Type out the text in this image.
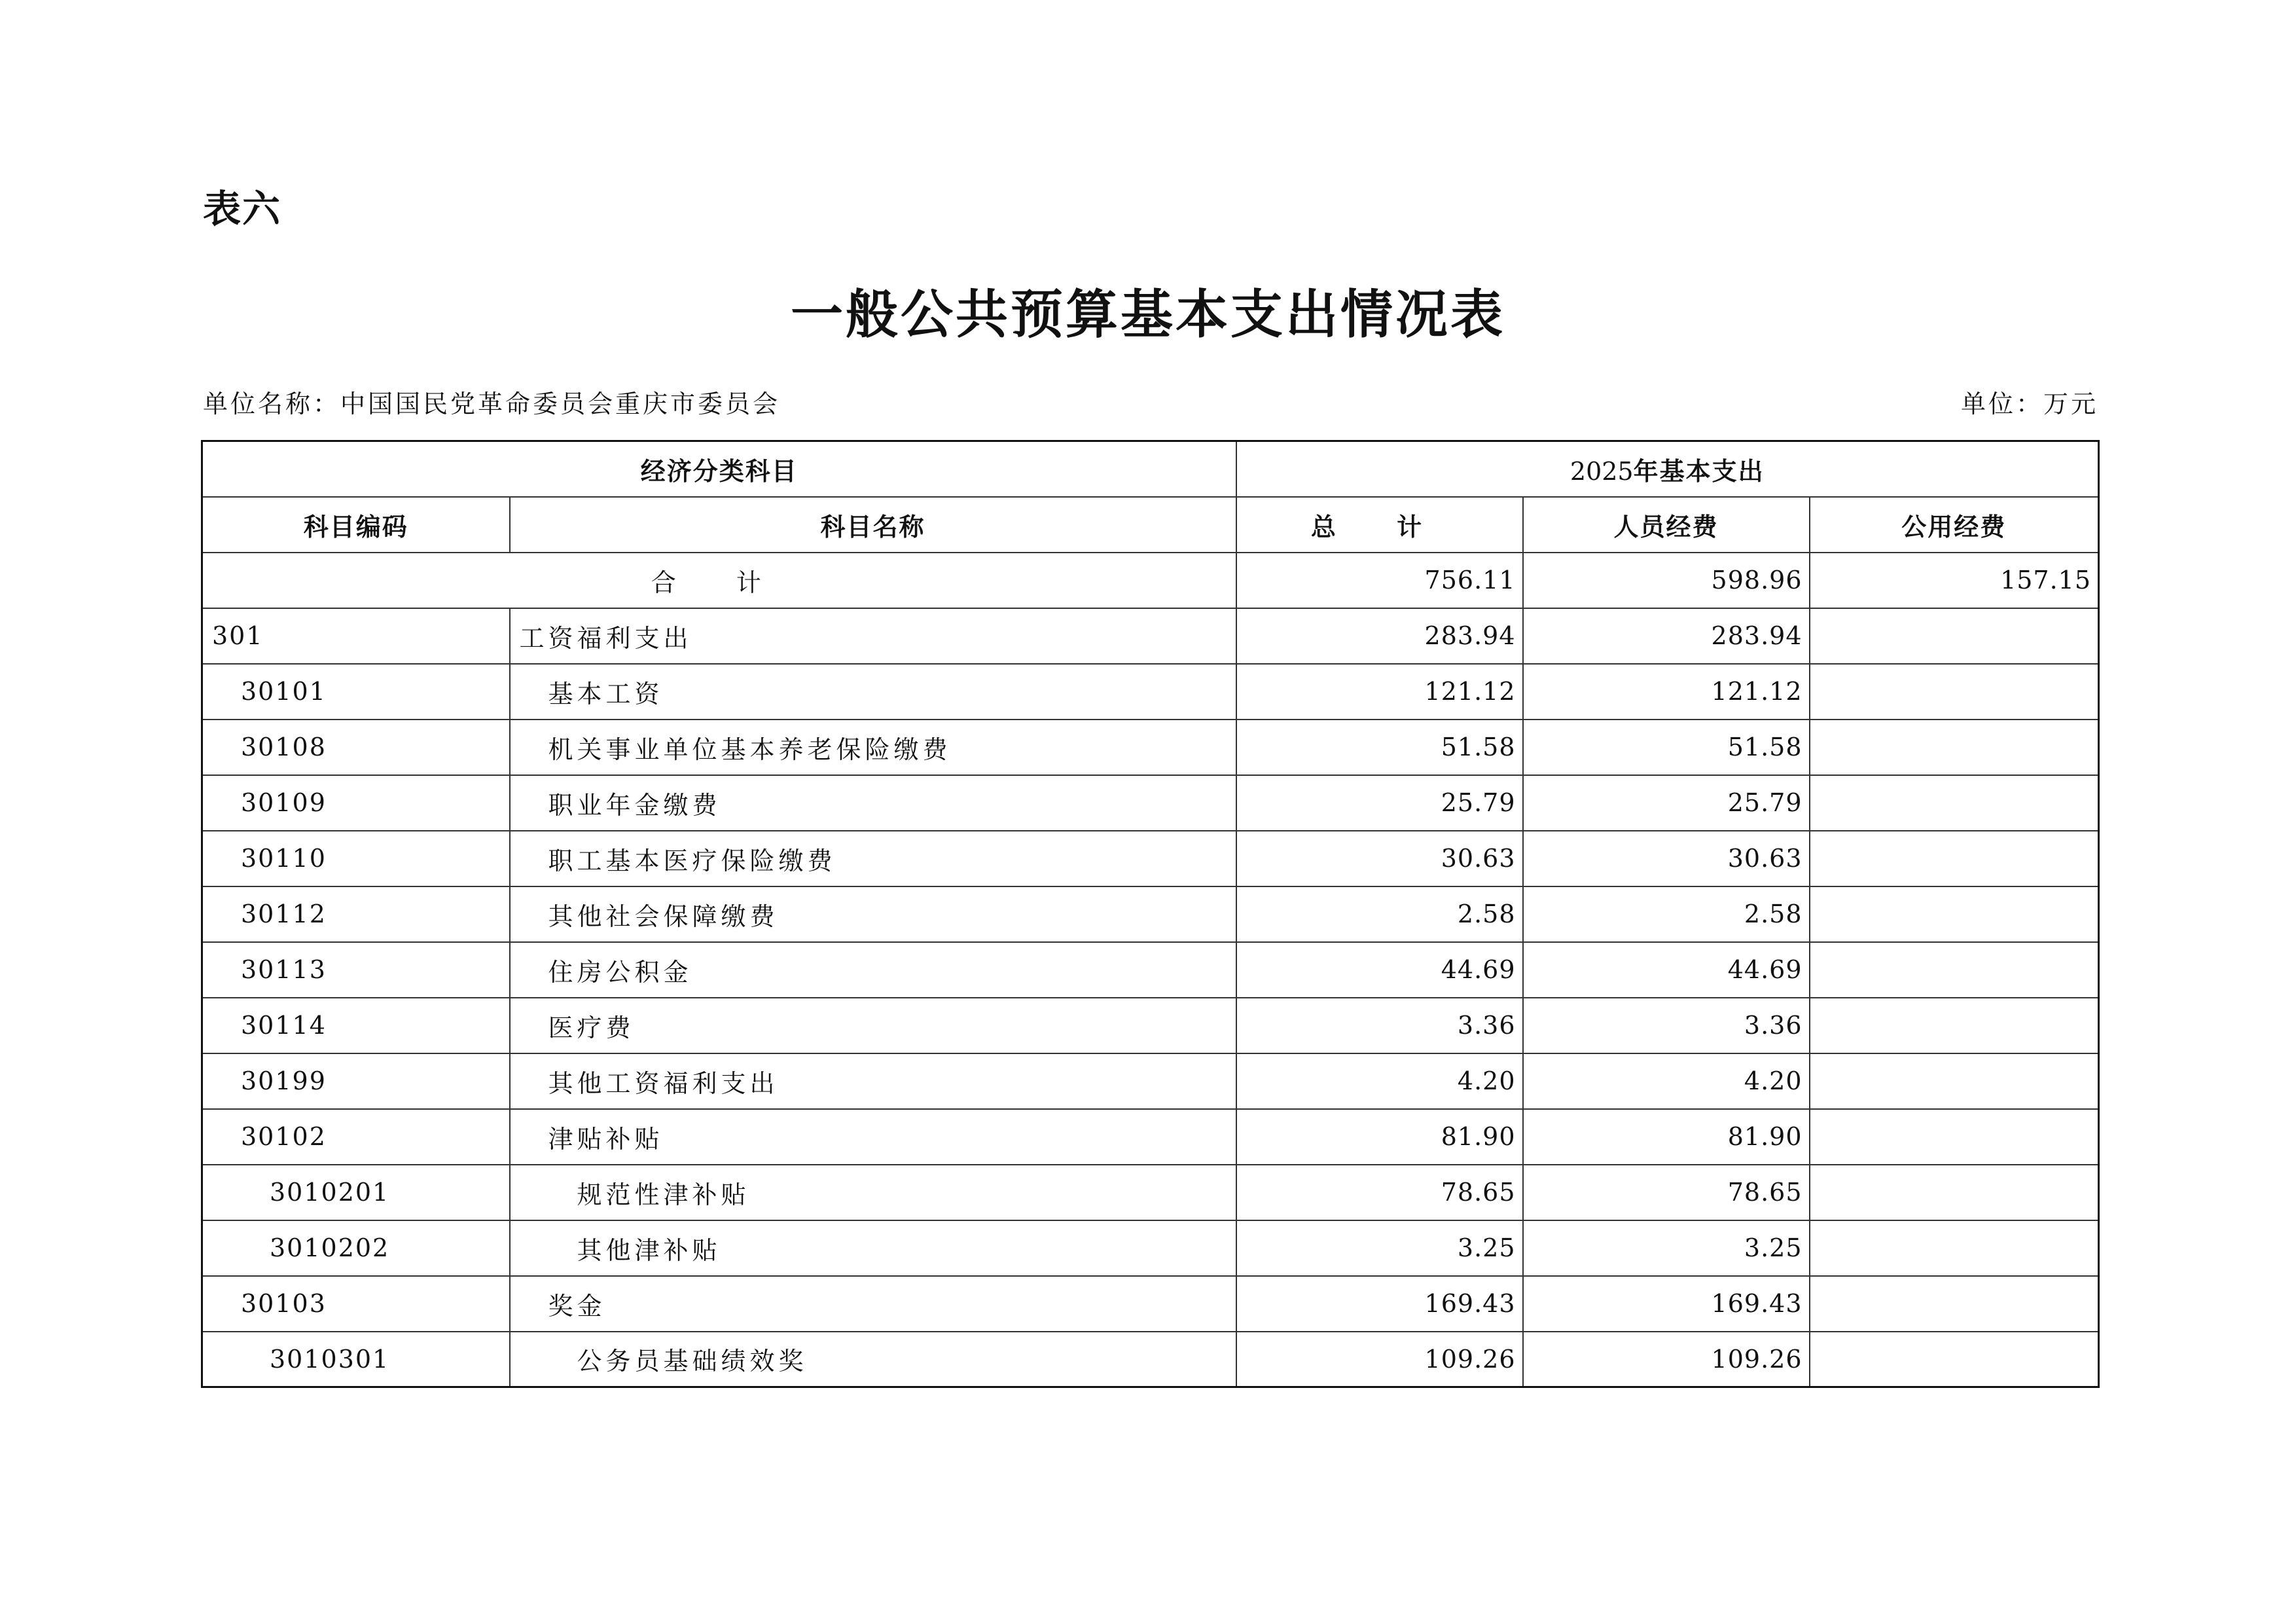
表六
一般公共预算基本支出情况表
单位名称：中国国民党革命委员会重庆市委员会	单位：万元
经济分类科目		2025年基本支出		
科目编码	科目名称	总 计	人员经费	公用经费
合 计		756.11	598.96	157.15
301	工资福利支出	283.94	283.94	
30101	基本工资	121.12	121.12	
30108	机关事业单位基本养老保险缴费	51.58	51.58	
30109	职业年金缴费	25.79	25.79	
30110	职工基本医疗保险缴费	30.63	30.63	
30112	其他社会保障缴费	2.58	2.58	
30113	住房公积金	44.69	44.69	
30114	医疗费	3.36	3.36	
30199	其他工资福利支出	4.20	4.20	
30102	津贴补贴	81.90	81.90	
3010201	规范性津补贴	78.65	78.65	
3010202	其他津补贴	3.25	3.25	
30103	奖金	169.43	169.43	
3010301	公务员基础绩效奖	109.26	109.26	
